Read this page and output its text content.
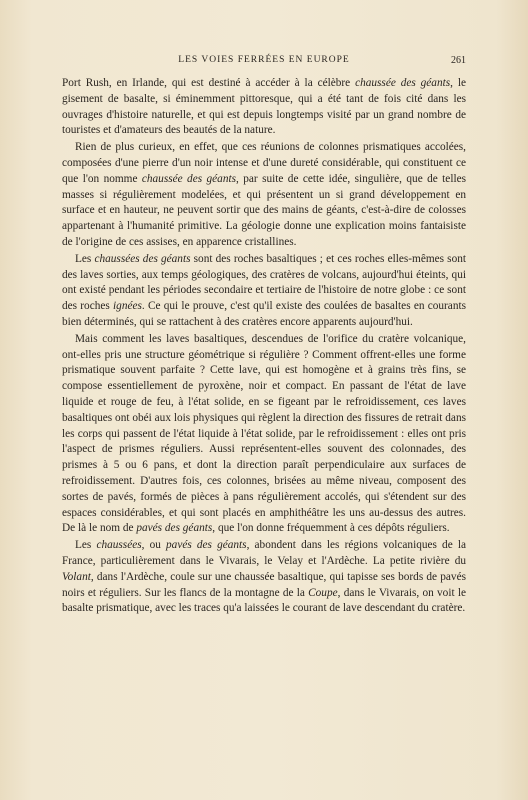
LES VOIES FERRÉES EN EUROPE	261

Port Rush, en Irlande, qui est destiné à accéder à la célèbre chaussée des géants, le gisement de basalte, si éminemment pittoresque, qui a été tant de fois cité dans les ouvrages d'histoire naturelle, et qui est depuis longtemps visité par un grand nombre de touristes et d'amateurs des beautés de la nature.

Rien de plus curieux, en effet, que ces réunions de colonnes prismatiques accolées, composées d'une pierre d'un noir intense et d'une dureté considérable, qui constituent ce que l'on nomme chaussée des géants, par suite de cette idée, singulière, que de telles masses si régulièrement modelées, et qui présentent un si grand développement en surface et en hauteur, ne peuvent sortir que des mains de géants, c'est-à-dire de colosses appartenant à l'humanité primitive. La géologie donne une explication moins fantaisiste de l'origine de ces assises, en apparence cristallines.

Les chaussées des géants sont des roches basaltiques ; et ces roches elles-mêmes sont des laves sorties, aux temps géologiques, des cratères de volcans, aujourd'hui éteints, qui ont existé pendant les périodes secondaire et tertiaire de l'histoire de notre globe : ce sont des roches ignées. Ce qui le prouve, c'est qu'il existe des coulées de basaltes en courants bien déterminés, qui se rattachent à des cratères encore apparents aujourd'hui.

Mais comment les laves basaltiques, descendues de l'orifice du cratère volcanique, ont-elles pris une structure géométrique si régulière ? Comment offrent-elles une forme prismatique souvent parfaite ? Cette lave, qui est homogène et à grains très fins, se compose essentiellement de pyroxène, noir et compact. En passant de l'état de lave liquide et rouge de feu, à l'état solide, en se figeant par le refroidissement, ces laves basaltiques ont obéi aux lois physiques qui règlent la direction des fissures de retrait dans les corps qui passent de l'état liquide à l'état solide, par le refroidissement : elles ont pris l'aspect de prismes réguliers. Aussi représentent-elles souvent des colonnades, des prismes à 5 ou 6 pans, et dont la direction paraît perpendiculaire aux surfaces de refroidissement. D'autres fois, ces colonnes, brisées au même niveau, composent des sortes de pavés, formés de pièces à pans régulièrement accolés, qui s'étendent sur des espaces considérables, et qui sont placés en amphithéâtre les uns au-dessus des autres. De là le nom de pavés des géants, que l'on donne fréquemment à ces dépôts réguliers.

Les chaussées, ou pavés des géants, abondent dans les régions volcaniques de la France, particulièrement dans le Vivarais, le Velay et l'Ardèche. La petite rivière du Volant, dans l'Ardèche, coule sur une chaussée basaltique, qui tapisse ses bords de pavés noirs et réguliers. Sur les flancs de la montagne de la Coupe, dans le Vivarais, on voit le basalte prismatique, avec les traces qu'a laissées le courant de lave descendant du cratère.
